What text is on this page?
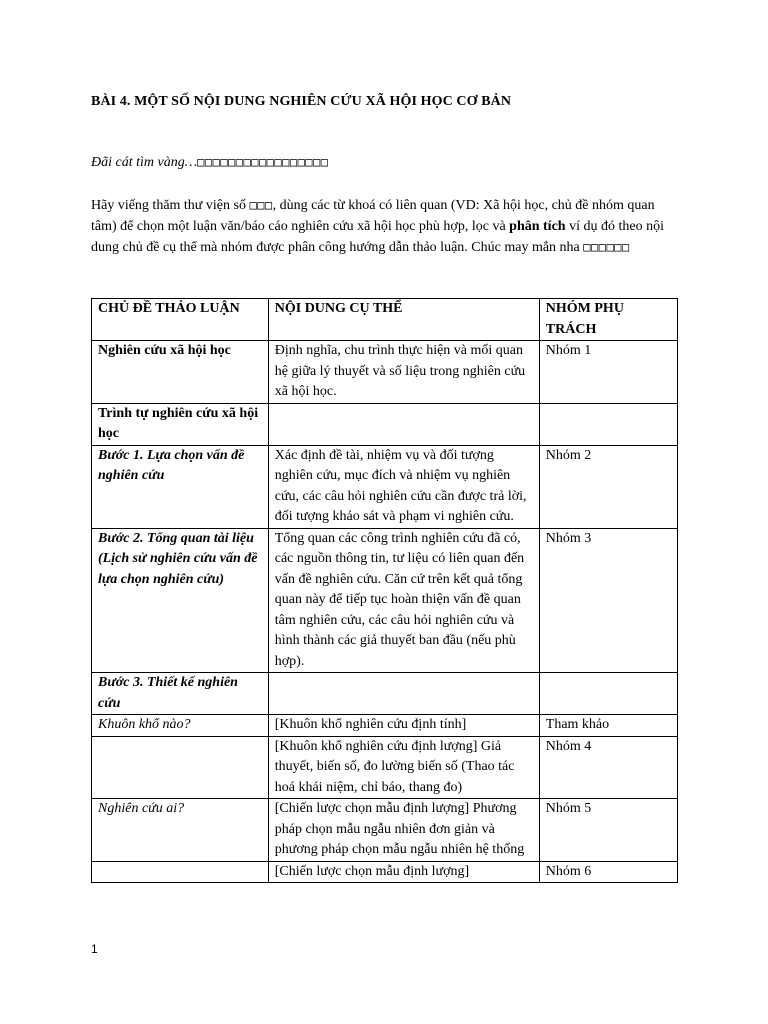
BÀI 4. MỘT SỐ NỘI DUNG NGHIÊN CỨU XÃ HỘI HỌC CƠ BẢN
Đãi cát tìm vàng…□□□□□□□□□□□□□□□□□
Hãy viếng thăm thư viện số □□□, dùng các từ khoá có liên quan (VD: Xã hội học, chủ đề nhóm quan tâm) để chọn một luận văn/báo cáo nghiên cứu xã hội học phù hợp, lọc và phân tích ví dụ đó theo nội dung chủ đề cụ thể mà nhóm được phân công hướng dẫn thảo luận. Chúc may mắn nha □□□□□□
CHỦ ĐỀ THẢO LUẬN	NỘI DUNG CỤ THỂ	NHÓM PHỤ TRÁCH
Nghiên cứu xã hội học	Định nghĩa, chu trình thực hiện và mối quan hệ giữa lý thuyết và số liệu trong nghiên cứu xã hội học.	Nhóm 1
Trình tự nghiên cứu xã hội học		
Bước 1. Lựa chọn vấn đề nghiên cứu	Xác định đề tài, nhiệm vụ và đối tượng nghiên cứu, mục đích và nhiệm vụ nghiên cứu, các câu hỏi nghiên cứu cần được trả lời, đối tượng khảo sát và phạm vi nghiên cứu.	Nhóm 2
Bước 2. Tổng quan tài liệu (Lịch sử nghiên cứu vấn đề lựa chọn nghiên cứu)	Tổng quan các công trình nghiên cứu đã có, các nguồn thông tin, tư liệu có liên quan đến vấn đề nghiên cứu. Căn cứ trên kết quả tổng quan này để tiếp tục hoàn thiện vấn đề quan tâm nghiên cứu, các câu hỏi nghiên cứu và hình thành các giả thuyết ban đầu (nếu phù hợp).	Nhóm 3
Bước 3. Thiết kế nghiên cứu		
Khuôn khổ nào?	[Khuôn khổ nghiên cứu định tính]	Tham khảo
	[Khuôn khổ nghiên cứu định lượng] Giả thuyết, biến số, đo lường biến số (Thao tác hoá khái niệm, chỉ báo, thang đo)	Nhóm 4
Nghiên cứu ai?	[Chiến lược chọn mẫu định lượng] Phương pháp chọn mẫu ngẫu nhiên đơn giản và phương pháp chọn mẫu ngẫu nhiên hệ thống	Nhóm 5
	[Chiến lược chọn mẫu định lượng]	Nhóm 6
1
